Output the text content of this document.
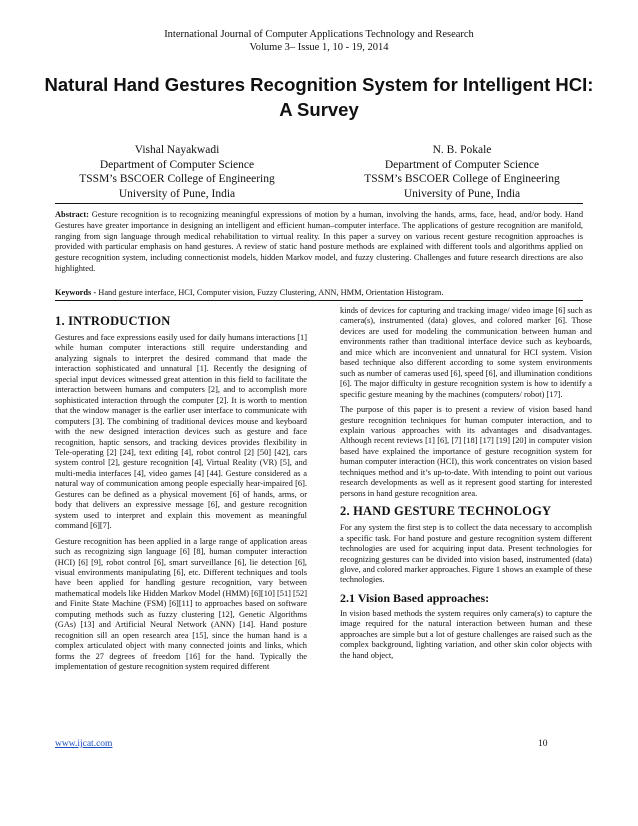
International Journal of Computer Applications Technology and Research
Volume 3– Issue 1, 10 - 19, 2014
Natural Hand Gestures Recognition System for Intelligent HCI: A Survey
Vishal Nayakwadi
Department of Computer Science
TSSM’s BSCOER College of Engineering
University of Pune, India
N. B. Pokale
Department of Computer Science
TSSM’s BSCOER College of Engineering
University of Pune, India
Abstract: Gesture recognition is to recognizing meaningful expressions of motion by a human, involving the hands, arms, face, head, and/or body. Hand Gestures have greater importance in designing an intelligent and efficient human–computer interface. The applications of gesture recognition are manifold, ranging from sign language through medical rehabilitation to virtual reality. In this paper a survey on various recent gesture recognition approaches is provided with particular emphasis on hand gestures. A review of static hand posture methods are explained with different tools and algorithms applied on gesture recognition system, including connectionist models, hidden Markov model, and fuzzy clustering. Challenges and future research directions are also highlighted.
Keywords - Hand gesture interface, HCI, Computer vision, Fuzzy Clustering, ANN, HMM, Orientation Histogram.
1. INTRODUCTION

Gestures and face expressions easily used for daily humans interactions [1] while human computer interactions still require understanding and analyzing signals to interpret the desired command that made the interaction sophisticated and unnatural [1]. Recently the designing of special input devices witnessed great attention in this field to facilitate the interaction between humans and computers [2], and to accomplish more sophisticated interaction through the computer [2]. It is worth to mention that the window manager is the earlier user interface to communicate with computers [3]. The combining of traditional devices mouse and keyboard with the new designed interaction devices such as gesture and face recognition, haptic sensors, and tracking devices provides flexibility in Tele-operating [2] [24], text editing [4], robot control [2] [50] [42], cars system control [2], gesture recognition [4], Virtual Reality (VR) [5], and multi-media interfaces [4], video games [4] [44]. Gesture considered as a natural way of communication among people especially hear-impaired [6]. Gestures can be defined as a physical movement [6] of hands, arms, or body that delivers an expressive message [6], and gesture recognition system used to interpret and explain this movement as meaningful command [6][7].

Gesture recognition has been applied in a large range of application areas such as recognizing sign language [6] [8], human computer interaction (HCI) [6] [9], robot control [6], smart surveillance [6], lie detection [6], visual environments manipulating [6], etc. Different techniques and tools have been applied for handling gesture recognition, vary between mathematical models like Hidden Markov Model (HMM) [6][10] [51] [52] and Finite State Machine (FSM) [6][11] to approaches based on software computing methods such as fuzzy clustering [12], Genetic Algorithms (GAs) [13] and Artificial Neural Network (ANN) [14]. Hand posture recognition sill an open research area [15], since the human hand is a complex articulated object with many connected joints and links, which forms the 27 degrees of freedom [16] for the hand. Typically the implementation of gesture recognition system required different

kinds of devices for capturing and tracking image/ video image [6] such as camera(s), instrumented (data) gloves, and colored marker [6]. Those devices are used for modeling the communication between human and environments rather than traditional interface device such as keyboards, and mice which are inconvenient and unnatural for HCI system. Vision based technique also different according to some system environments such as number of cameras used [6], speed [6], and illumination conditions [6]. The major difficulty in gesture recognition system is how to identify a specific gesture meaning by the machines (computers/ robot) [17].

The purpose of this paper is to present a review of vision based hand gesture recognition techniques for human computer interaction, and to explain various approaches with its advantages and disadvantages. Although recent reviews [1] [6], [7] [18] [17] [19] [20] in computer vision based have explained the importance of gesture recognition system for human computer interaction (HCI), this work concentrates on vision based techniques method and it’s up-to-date. With intending to point out various research developments as well as it represent good starting for interested persons in hand gesture recognition area.

2. HAND GESTURE TECHNOLOGY

For any system the first step is to collect the data necessary to accomplish a specific task. For hand posture and gesture recognition system different technologies are used for acquiring input data. Present technologies for recognizing gestures can be divided into vision based, instrumented (data) glove, and colored marker approaches. Figure 1 shows an example of these technologies.

2.1 Vision Based approaches:

In vision based methods the system requires only camera(s) to capture the image required for the natural interaction between human and these approaches are simple but a lot of gesture challenges are raised such as the complex background, lighting variation, and other skin color objects with the hand object,

www.ijcat.com	10
